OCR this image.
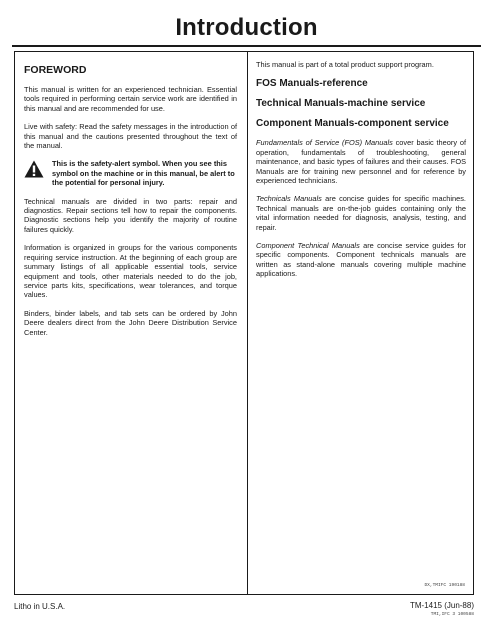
Introduction
FOREWORD

This manual is written for an experienced technician. Essential tools required in performing certain service work are identified in this manual and are recommended for use.

Live with safety: Read the safety messages in the introduction of this manual and the cautions presented throughout the text of the manual.

This is the safety-alert symbol. When you see this symbol on the machine or in this manual, be alert to the potential for personal injury.

Technical manuals are divided in two parts: repair and diagnostics. Repair sections tell how to repair the components. Diagnostic sections help you identify the majority of routine failures quickly.

Information is organized in groups for the various components requiring service instruction. At the beginning of each group are summary listings of all applicable essential tools, service equipment and tools, other materials needed to do the job, service parts kits, specifications, wear tolerances, and torque values.

Binders, binder labels, and tab sets can be ordered by John Deere dealers direct from the John Deere Distribution Service Center.

This manual is part of a total product support program.

FOS Manuals-reference
Technical Manuals-machine service
Component Manuals-component service

Fundamentals of Service (FOS) Manuals cover basic theory of operation, fundamentals of troubleshooting, general maintenance, and basic types of failures and their causes. FOS Manuals are for training new personnel and for reference by experienced technicians.

Technicals Manuals are concise guides for specific machines. Technical manuals are on-the-job guides containing only the vital information needed for diagnosis, analysis, testing, and repair.

Component Technical Manuals are concise service guides for specific components. Component technicals manuals are written as stand-alone manuals covering multiple machine applications.

DX,TMIFC 190188
Litho in U.S.A.	TM-1415 (Jun-88)
TMI,IFC 3 100588
